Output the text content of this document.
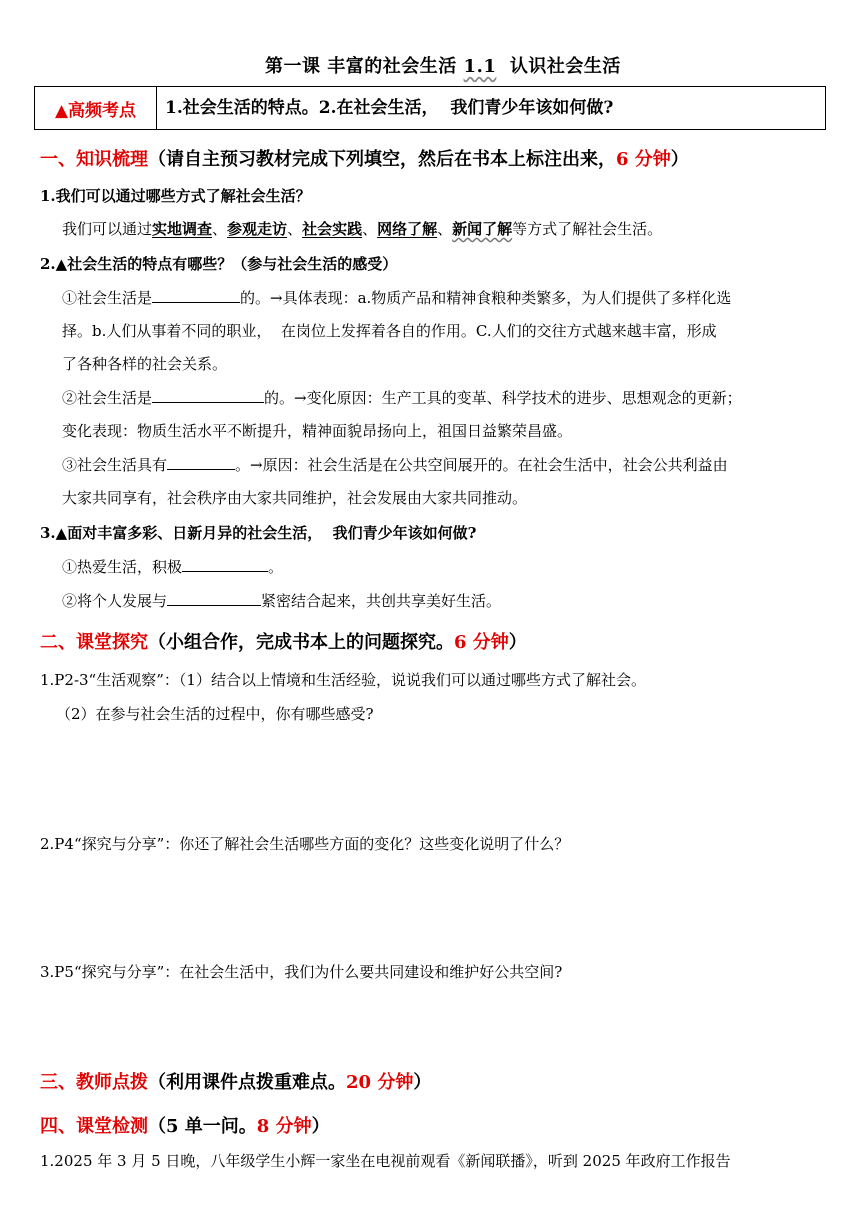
第一课 丰富的社会生活 1.1  认识社会生活
▲高频考点	1.社会生活的特点。2.在社会生活，  我们青少年该如何做?
一、知识梳理（请自主预习教材完成下列填空，然后在书本上标注出来，6 分钟）
1.我们可以通过哪些方式了解社会生活？
我们可以通过实地调查、参观走访、社会实践、网络了解、新闻了解等方式了解社会生活。
2.▲社会生活的特点有哪些？（参与社会生活的感受）
①社会生活是	的。→具体表现：a.物质产品和精神食粮种类繁多，为人们提供了多样化选
择。b.人们从事着不同的职业，  在岗位上发挥着各自的作用。C.人们的交往方式越来越丰富，形成
了各种各样的社会关系。
②社会生活是	的。→变化原因：生产工具的变革、科学技术的进步、思想观念的更新；
变化表现：物质生活水平不断提升，精神面貌昂扬向上，祖国日益繁荣昌盛。
③社会生活具有	。→原因：社会生活是在公共空间展开的。在社会生活中，社会公共利益由
大家共同享有，社会秩序由大家共同维护，社会发展由大家共同推动。
3.▲面对丰富多彩、日新月异的社会生活，  我们青少年该如何做?
①热爱生活，积极	。
②将个人发展与	紧密结合起来，共创共享美好生活。
二、课堂探究（小组合作，完成书本上的问题探究。6 分钟）
1.P2-3“生活观察”：（1）结合以上情境和生活经验，说说我们可以通过哪些方式了解社会。
（2）在参与社会生活的过程中，你有哪些感受?
2.P4“探究与分享”：你还了解社会生活哪些方面的变化？这些变化说明了什么？
3.P5“探究与分享”：在社会生活中，我们为什么要共同建设和维护好公共空间?
三、教师点拨（利用课件点拨重难点。20 分钟）
四、课堂检测（5 单一问。8 分钟）
1.2025 年 3 月 5 日晚，八年级学生小辉一家坐在电视前观看《新闻联播》，听到 2025 年政府工作报告
